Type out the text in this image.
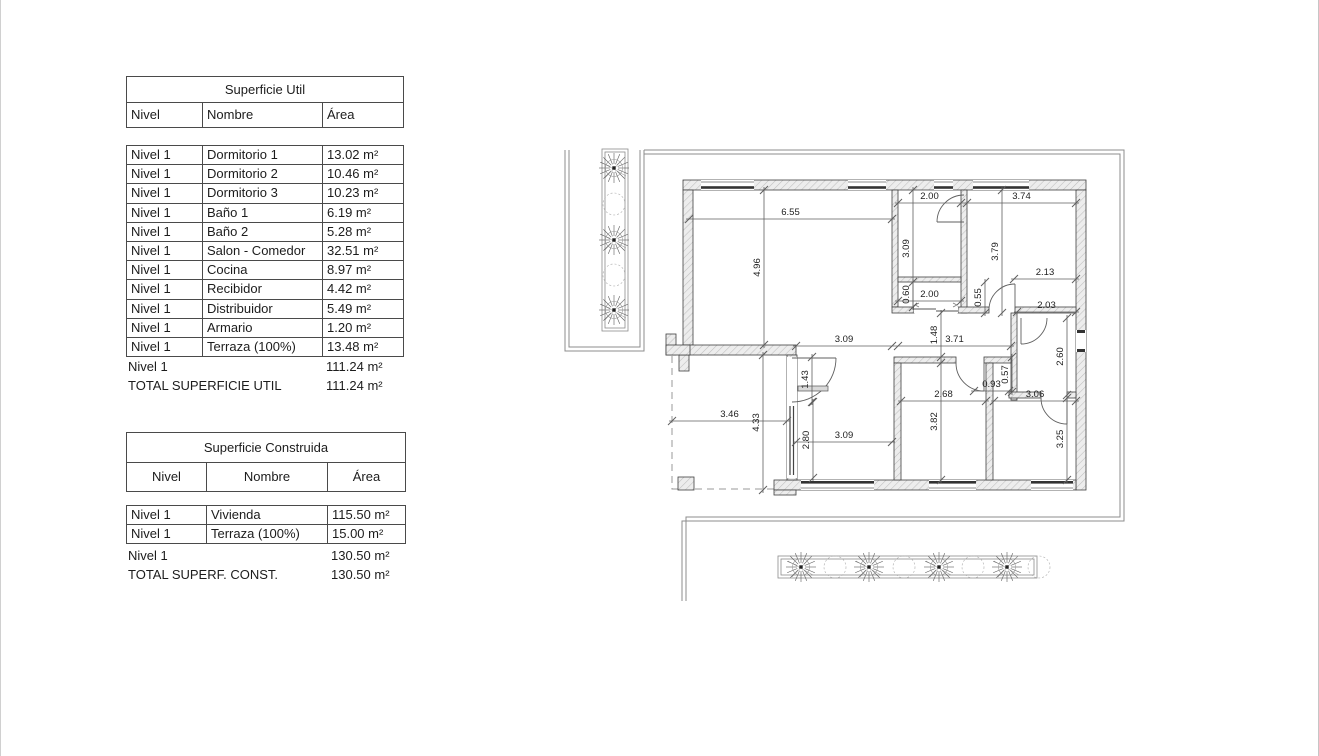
Superficie Util
Nivel	Nombre	Área
Nivel 1	Dormitorio 1	13.02 m²
Nivel 1	Dormitorio 2	10.46 m²
Nivel 1	Dormitorio 3	10.23 m²
Nivel 1	Baño 1	6.19 m²
Nivel 1	Baño 2	5.28 m²
Nivel 1	Salon - Comedor	32.51 m²
Nivel 1	Cocina	8.97 m²
Nivel 1	Recibidor	4.42 m²
Nivel 1	Distribuidor	5.49 m²
Nivel 1	Armario	1.20 m²
Nivel 1	Terraza (100%)	13.48 m²
Nivel 1	111.24 m²
TOTAL SUPERFICIE UTIL	111.24 m²
Superficie Construida
Nivel	Nombre	Área
Nivel 1	Vivienda	115.50 m²
Nivel 1	Terraza (100%)	15.00 m²
Nivel 1	130.50 m²
TOTAL SUPERF. CONST.	130.50 m²
6.55
2.00	3.74
2.13
2.00
2.03
3.09	3.71
3.46
3.09
2.68
0.93
3.06
4.96
3.09	3.79
0.60	0.55
1.48
2.60
1.43
4.33
2.80
3.82
3.25
0.57
